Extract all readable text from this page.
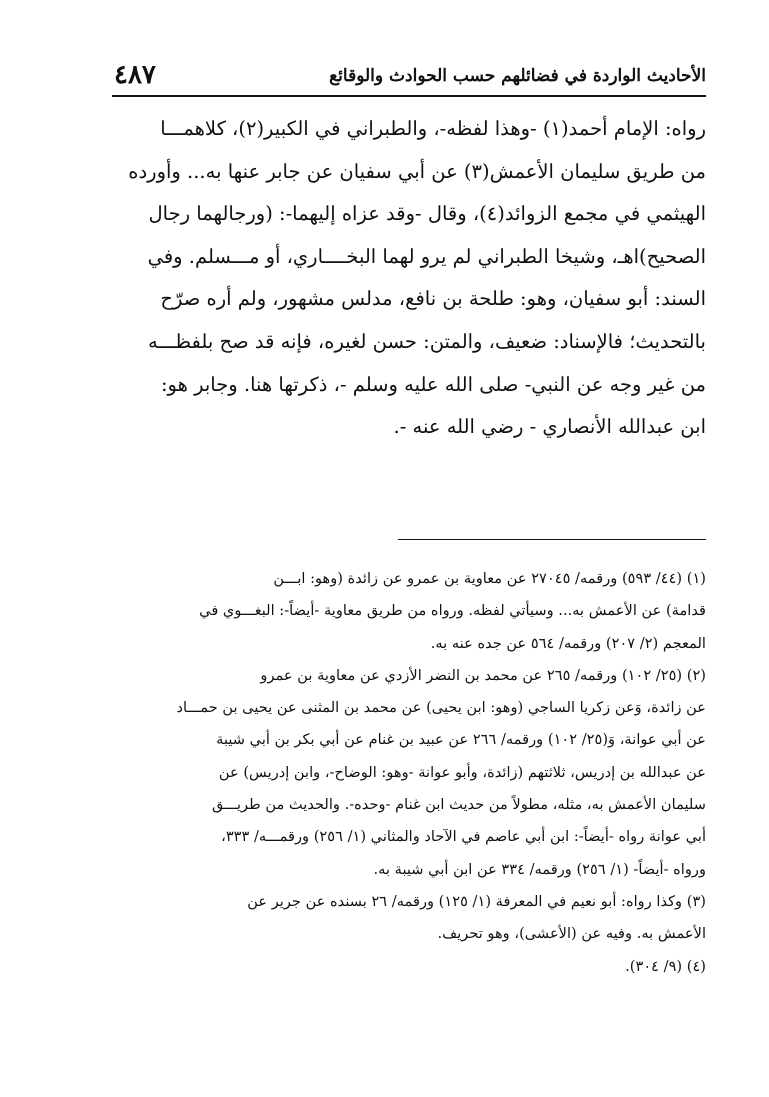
الأحاديث الواردة في فضائلهم حسب الحوادث والوقائع
٤٨٧
رواه: الإمام أحمد(١) -وهذا لفظه-، والطبراني في الكبير(٢)، كلاهمـــا
من طريق سليمان الأعمش(٣) عن أبي سفيان عن جابر عنها به... وأورده
الهيثمي في مجمع الزوائد(٤)، وقال -وقد عزاه إليهما-: (ورجالهما رجال
الصحيح)اهـ، وشيخا الطبراني لم يرو لهما البخــــاري، أو مـــسلم. وفي
السند: أبو سفيان، وهو: طلحة بن نافع، مدلس مشهور، ولم أره صرّح
بالتحديث؛ فالإسناد: ضعيف، والمتن: حسن لغيره، فإنه قد صح بلفظـــه
من غير وجه عن النبي- صلى الله عليه وسلم -، ذكرتها هنا. وجابر هو:
ابن عبدالله الأنصاري - رضي الله عنه -.
(١) (٤٤/ ٥٩٣) ورقمه/ ٢٧٠٤٥ عن معاوية بن عمرو عن زائدة (وهو: ابـــن
قدامة) عن الأعمش به... وسيأتي لفظه. ورواه من طريق معاوية -أيضاً-: البغـــوي في
المعجم (٢/ ٢٠٧) ورقمه/ ٥٦٤ عن جده عنه به.
(٢) (٢٥/ ١٠٢) ورقمه/ ٢٦٥ عن محمد بن النضر الأزدي عن معاوية بن عمرو
عن زائدة، وَعن زكريا الساجي (وهو: ابن يحيى) عن محمد بن المثنى عن يحيى بن حمـــاد
عن أبي عوانة، وَ(٢٥/ ١٠٢) ورقمه/ ٢٦٦ عن عبيد بن غنام عن أبي بكر بن أبي شيبة
عن عبدالله بن إدريس، ثلاثتهم (زائدة، وأبو عوانة -وهو: الوضاح-، وابن إدريس) عن
سليمان الأعمش به، مثله، مطولاً من حديث ابن غنام -وحده-. والحديث من طريـــق
أبي عوانة رواه -أيضاً-: ابن أبي عاصم في الآحاد والمثاني (١/ ٢٥٦) ورقمـــه/ ٣٣٣،
ورواه -أيضاً- (١/ ٢٥٦) ورقمه/ ٣٣٤ عن ابن أبي شيبة به.
(٣) وكذا رواه: أبو نعيم في المعرفة (١/ ١٢٥) ورقمه/ ٢٦ بسنده عن جرير عن
الأعمش به. وفيه عن (الأعشى)، وهو تحريف.
(٤) (٩/ ٣٠٤).
